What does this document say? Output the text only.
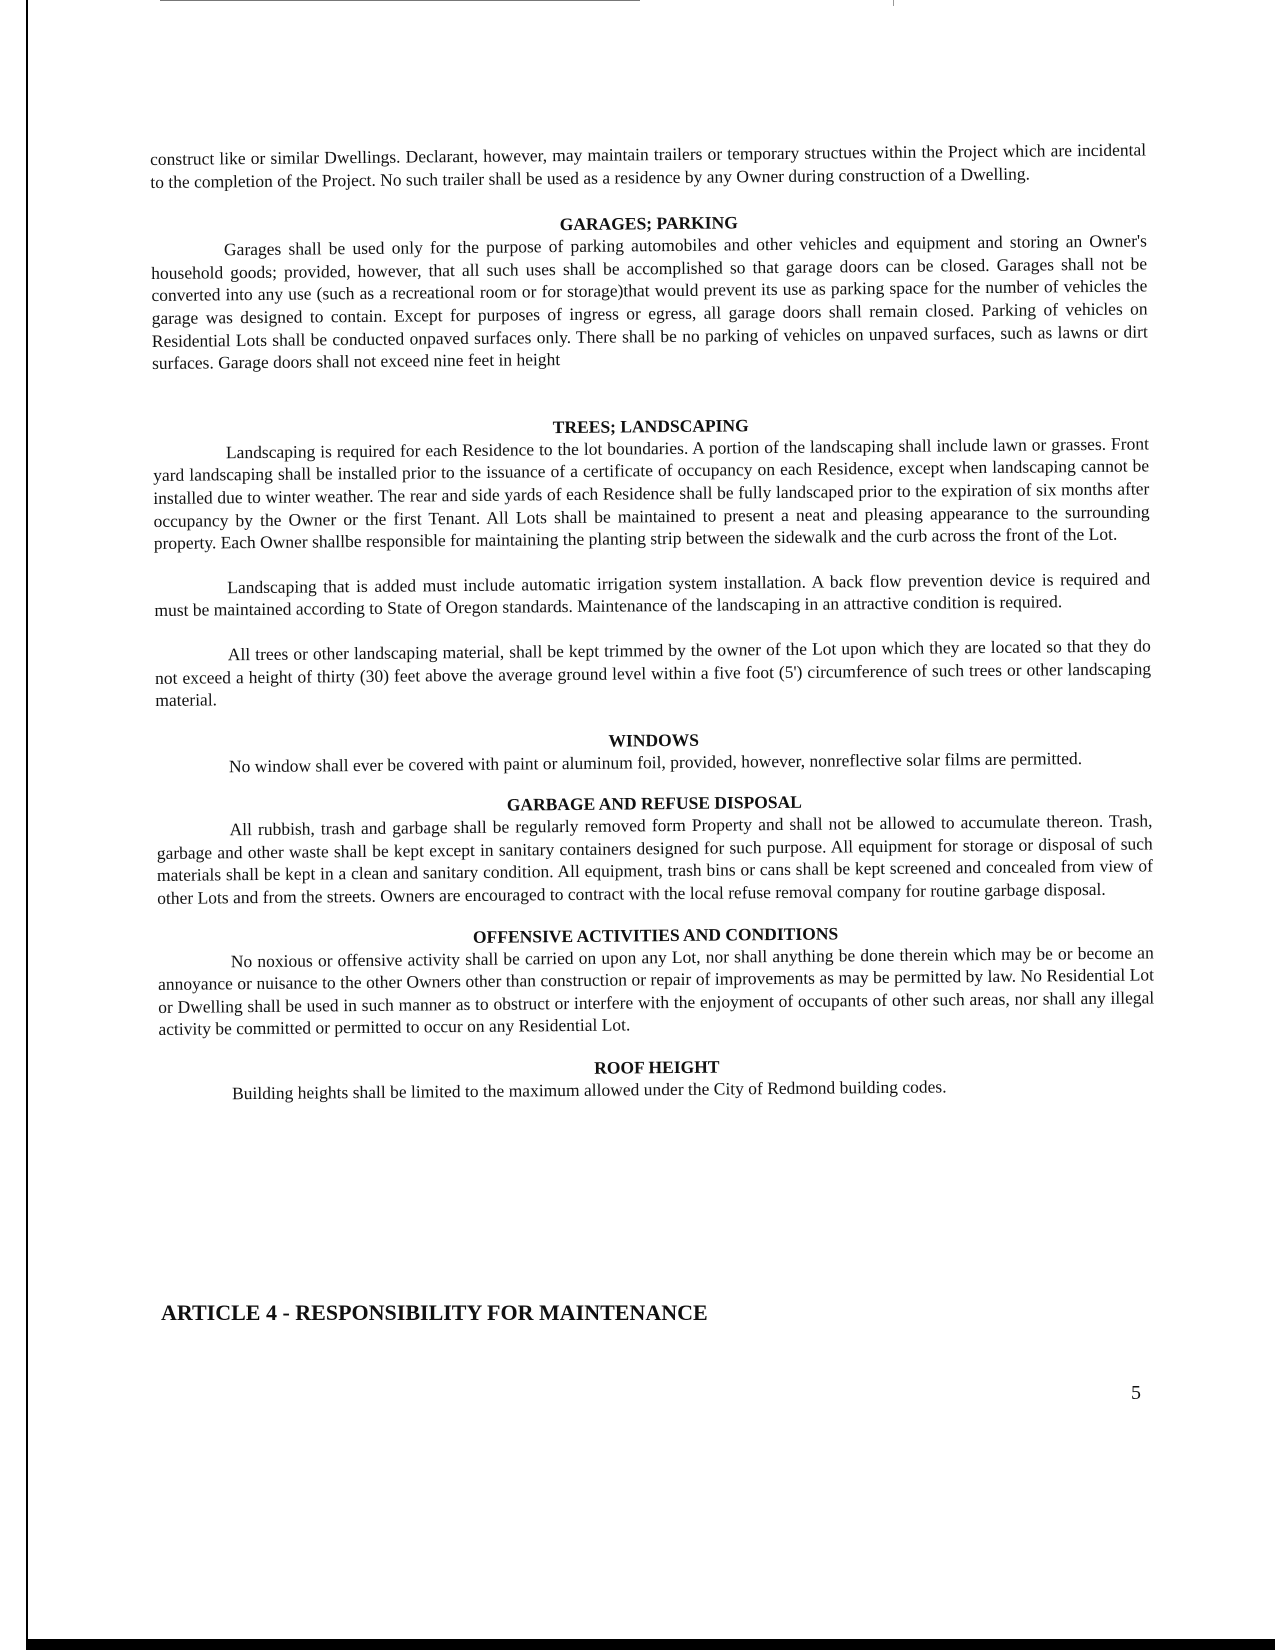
construct like or similar Dwellings. Declarant, however, may maintain trailers or temporary structues within the Project which are incidental to the completion of the Project. No such trailer shall be used as a residence by any Owner during construction of a Dwelling.

GARAGES; PARKING

Garages shall be used only for the purpose of parking automobiles and other vehicles and equipment and storing an Owner's household goods; provided, however, that all such uses shall be accomplished so that garage doors can be closed. Garages shall not be converted into any use (such as a recreational room or for storage)that would prevent its use as parking space for the number of vehicles the garage was designed to contain. Except for purposes of ingress or egress, all garage doors shall remain closed. Parking of vehicles on Residential Lots shall be conducted onpaved surfaces only. There shall be no parking of vehicles on unpaved surfaces, such as lawns or dirt surfaces. Garage doors shall not exceed nine feet in height

TREES; LANDSCAPING

Landscaping is required for each Residence to the lot boundaries. A portion of the landscaping shall include lawn or grasses. Front yard landscaping shall be installed prior to the issuance of a certificate of occupancy on each Residence, except when landscaping cannot be installed due to winter weather. The rear and side yards of each Residence shall be fully landscaped prior to the expiration of six months after occupancy by the Owner or the first Tenant. All Lots shall be maintained to present a neat and pleasing appearance to the surrounding property. Each Owner shallbe responsible for maintaining the planting strip between the sidewalk and the curb across the front of the Lot.

Landscaping that is added must include automatic irrigation system installation. A back flow prevention device is required and must be maintained according to State of Oregon standards. Maintenance of the landscaping in an attractive condition is required.

All trees or other landscaping material, shall be kept trimmed by the owner of the Lot upon which they are located so that they do not exceed a height of thirty (30) feet above the average ground level within a five foot (5') circumference of such trees or other landscaping material.

WINDOWS

No window shall ever be covered with paint or aluminum foil, provided, however, nonreflective solar films are permitted.

GARBAGE AND REFUSE DISPOSAL

All rubbish, trash and garbage shall be regularly removed form Property and shall not be allowed to accumulate thereon. Trash, garbage and other waste shall be kept except in sanitary containers designed for such purpose. All equipment for storage or disposal of such materials shall be kept in a clean and sanitary condition. All equipment, trash bins or cans shall be kept screened and concealed from view of other Lots and from the streets. Owners are encouraged to contract with the local refuse removal company for routine garbage disposal.

OFFENSIVE ACTIVITIES AND CONDITIONS

No noxious or offensive activity shall be carried on upon any Lot, nor shall anything be done therein which may be or become an annoyance or nuisance to the other Owners other than construction or repair of improvements as may be permitted by law. No Residential Lot or Dwelling shall be used in such manner as to obstruct or interfere with the enjoyment of occupants of other such areas, nor shall any illegal activity be committed or permitted to occur on any Residential Lot.

ROOF HEIGHT

Building heights shall be limited to the maximum allowed under the City of Redmond building codes.

ARTICLE 4 - RESPONSIBILITY FOR MAINTENANCE

5
